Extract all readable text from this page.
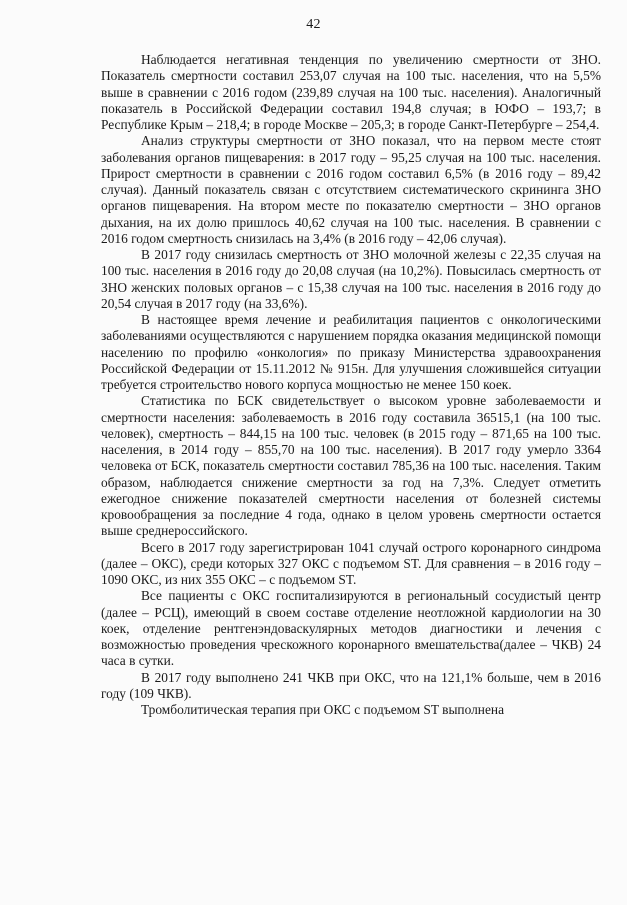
42

Наблюдается негативная тенденция по увеличению смертности от ЗНО. Показатель смертности составил 253,07 случая на 100 тыс. населения, что на 5,5% выше в сравнении с 2016 годом (239,89 случая на 100 тыс. населения). Аналогичный показатель в Российской Федерации составил 194,8 случая; в ЮФО – 193,7; в Республике Крым – 218,4; в городе Москве – 205,3; в городе Санкт-Петербурге – 254,4.

Анализ структуры смертности от ЗНО показал, что на первом месте стоят заболевания органов пищеварения: в 2017 году – 95,25 случая на 100 тыс. населения. Прирост смертности в сравнении с 2016 годом составил 6,5% (в 2016 году – 89,42 случая). Данный показатель связан с отсутствием систематического скрининга ЗНО органов пищеварения. На втором месте по показателю смертности – ЗНО органов дыхания, на их долю пришлось 40,62 случая на 100 тыс. населения. В сравнении с 2016 годом смертность снизилась на 3,4% (в 2016 году – 42,06 случая).

В 2017 году снизилась смертность от ЗНО молочной железы с 22,35 случая на 100 тыс. населения в 2016 году до 20,08 случая (на 10,2%). Повысилась смертность от ЗНО женских половых органов – с 15,38 случая на 100 тыс. населения в 2016 году до 20,54 случая в 2017 году (на 33,6%).

В настоящее время лечение и реабилитация пациентов с онкологическими заболеваниями осуществляются с нарушением порядка оказания медицинской помощи населению по профилю «онкология» по приказу Министерства здравоохранения Российской Федерации от 15.11.2012 № 915н. Для улучшения сложившейся ситуации требуется строительство нового корпуса мощностью не менее 150 коек.

Статистика по БСК свидетельствует о высоком уровне заболеваемости и смертности населения: заболеваемость в 2016 году составила 36515,1 (на 100 тыс. человек), смертность – 844,15 на 100 тыс. человек (в 2015 году – 871,65 на 100 тыс. населения, в 2014 году – 855,70 на 100 тыс. населения). В 2017 году умерло 3364 человека от БСК, показатель смертности составил 785,36 на 100 тыс. населения. Таким образом, наблюдается снижение смертности за год на 7,3%. Следует отметить ежегодное снижение показателей смертности населения от болезней системы кровообращения за последние 4 года, однако в целом уровень смертности остается выше среднероссийского.

Всего в 2017 году зарегистрирован 1041 случай острого коронарного синдрома (далее – ОКС), среди которых 327 ОКС с подъемом ST. Для сравнения – в 2016 году – 1090 ОКС, из них 355 ОКС – с подъемом ST.

Все пациенты с ОКС госпитализируются в региональный сосудистый центр (далее – РСЦ), имеющий в своем составе отделение неотложной кардиологии на 30 коек, отделение рентгенэндоваскулярных методов диагностики и лечения с возможностью проведения чрескожного коронарного вмешательства(далее – ЧКВ) 24 часа в сутки.

В 2017 году выполнено 241 ЧКВ при ОКС, что на 121,1% больше, чем в 2016 году (109 ЧКВ).

Тромболитическая терапия при ОКС с подъемом ST выполнена
